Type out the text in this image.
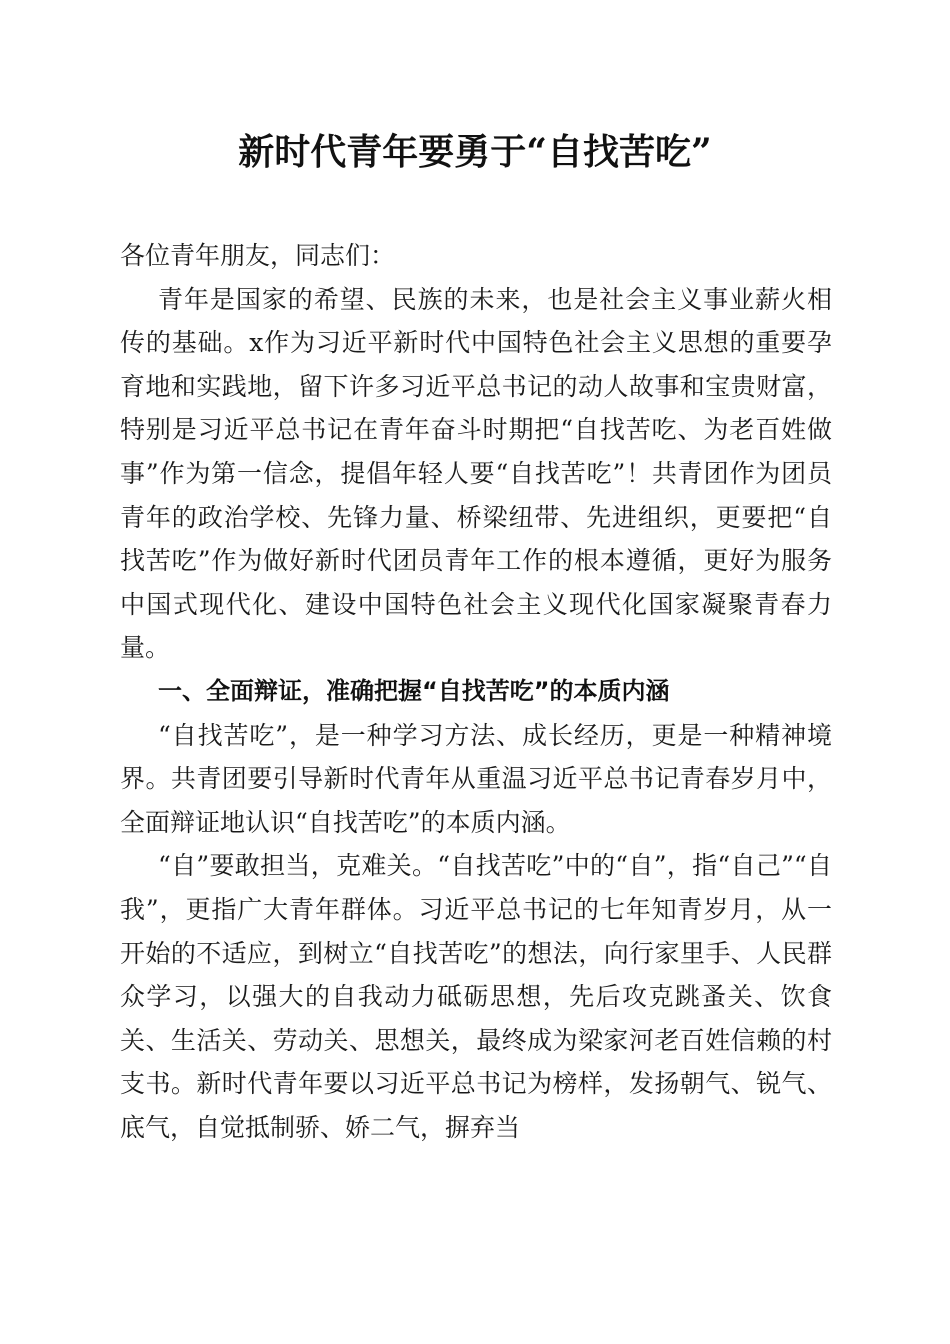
新时代青年要勇于“自找苦吃”

各位青年朋友，同志们：

青年是国家的希望、民族的未来，也是社会主义事业薪火相传的基础。x作为习近平新时代中国特色社会主义思想的重要孕育地和实践地，留下许多习近平总书记的动人故事和宝贵财富，特别是习近平总书记在青年奋斗时期把“自找苦吃、为老百姓做事”作为第一信念，提倡年轻人要“自找苦吃”！共青团作为团员青年的政治学校、先锋力量、桥梁纽带、先进组织，更要把“自找苦吃”作为做好新时代团员青年工作的根本遵循，更好为服务中国式现代化、建设中国特色社会主义现代化国家凝聚青春力量。

一、全面辩证，准确把握“自找苦吃”的本质内涵

“自找苦吃”，是一种学习方法、成长经历，更是一种精神境界。共青团要引导新时代青年从重温习近平总书记青春岁月中，全面辩证地认识“自找苦吃”的本质内涵。

“自”要敢担当，克难关。“自找苦吃”中的“自”，指“自己”“自我”，更指广大青年群体。习近平总书记的七年知青岁月，从一开始的不适应，到树立“自找苦吃”的想法，向行家里手、人民群众学习，以强大的自我动力砥砺思想，先后攻克跳蚤关、饮食关、生活关、劳动关、思想关，最终成为梁家河老百姓信赖的村支书。新时代青年要以习近平总书记为榜样，发扬朝气、锐气、底气，自觉抵制骄、娇二气，摒弃当
